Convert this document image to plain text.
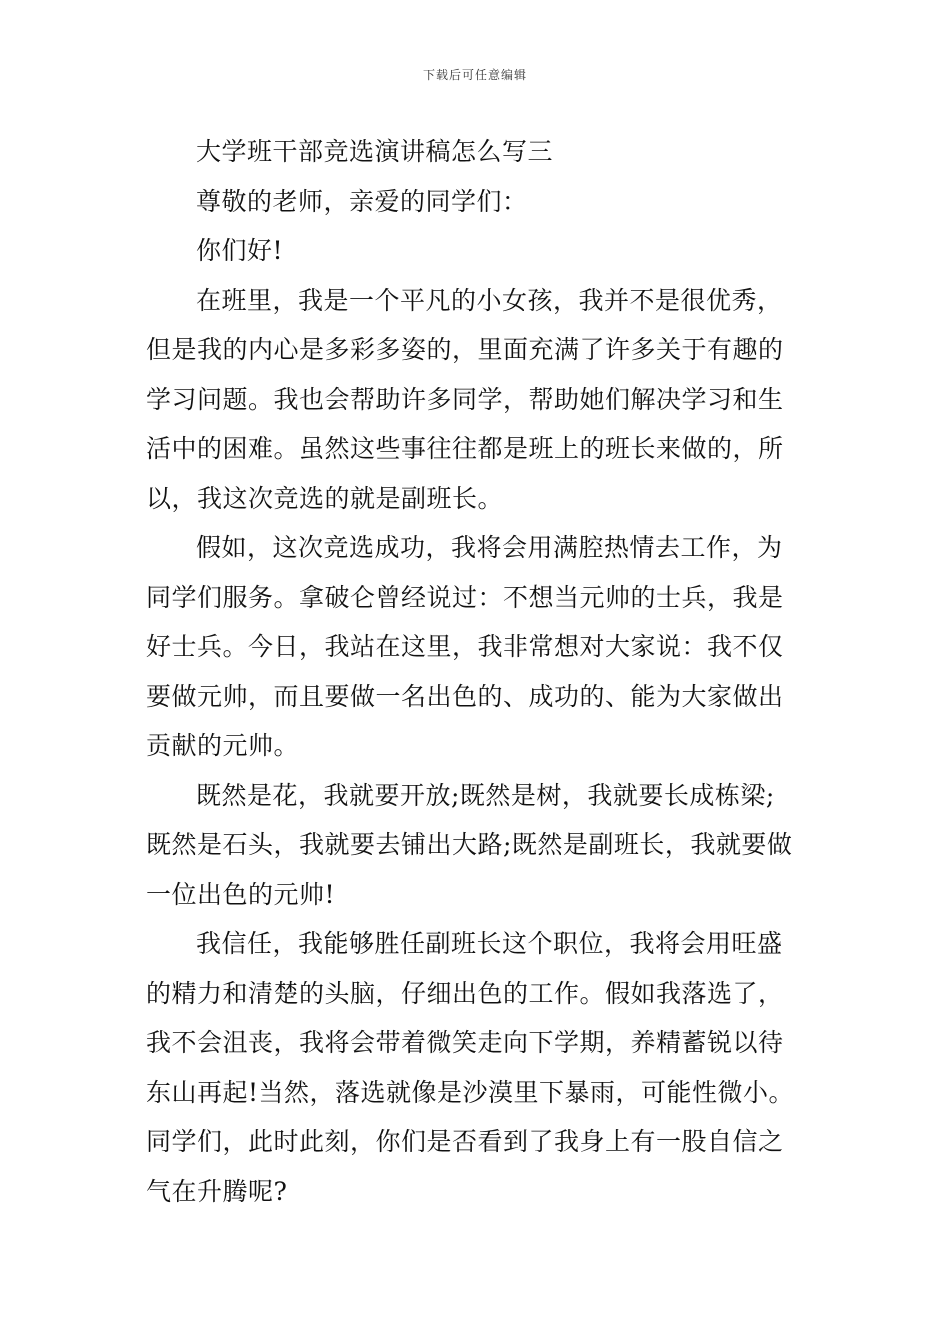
下载后可任意编辑
大学班干部竞选演讲稿怎么写三
尊敬的老师，亲爱的同学们：
你们好!
在班里，我是一个平凡的小女孩，我并不是很优秀，
但是我的内心是多彩多姿的，里面充满了许多关于有趣的
学习问题。我也会帮助许多同学，帮助她们解决学习和生
活中的困难。虽然这些事往往都是班上的班长来做的，所
以，我这次竞选的就是副班长。
假如，这次竞选成功，我将会用满腔热情去工作，为
同学们服务。拿破仑曾经说过：不想当元帅的士兵，我是
好士兵。今日，我站在这里，我非常想对大家说：我不仅
要做元帅，而且要做一名出色的、成功的、能为大家做出
贡献的元帅。
既然是花，我就要开放;既然是树，我就要长成栋梁;
既然是石头，我就要去铺出大路;既然是副班长，我就要做
一位出色的元帅!
我信任，我能够胜任副班长这个职位，我将会用旺盛
的精力和清楚的头脑，仔细出色的工作。假如我落选了，
我不会沮丧，我将会带着微笑走向下学期，养精蓄锐以待
东山再起!当然，落选就像是沙漠里下暴雨，可能性微小。
同学们，此时此刻，你们是否看到了我身上有一股自信之
气在升腾呢?
